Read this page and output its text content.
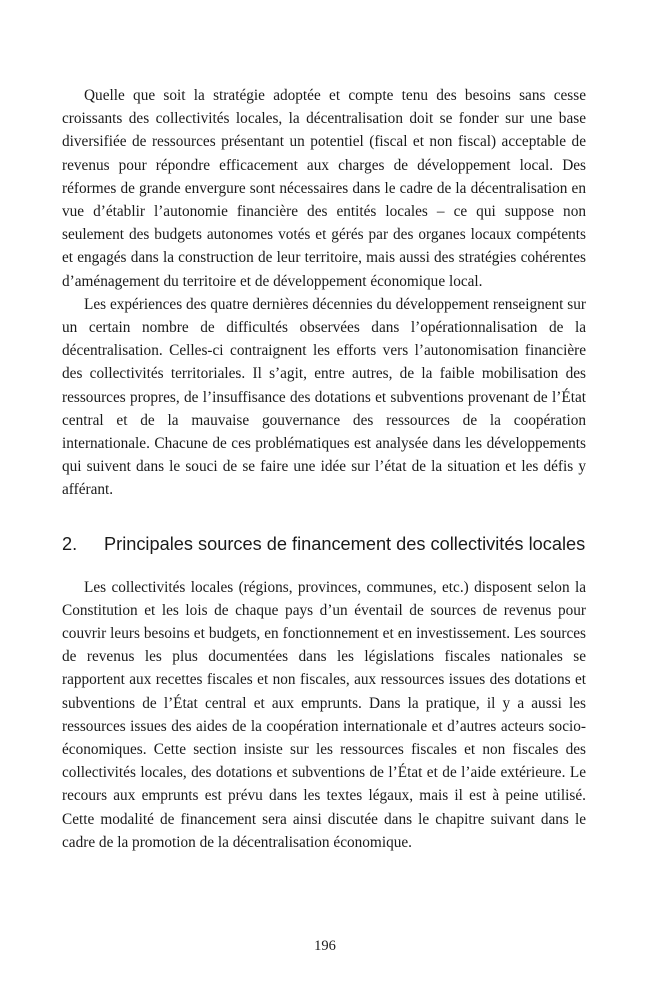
Quelle que soit la stratégie adoptée et compte tenu des besoins sans cesse croissants des collectivités locales, la décentralisation doit se fonder sur une base diversifiée de ressources présentant un potentiel (fiscal et non fiscal) acceptable de revenus pour répondre efficacement aux charges de développement local. Des réformes de grande envergure sont nécessaires dans le cadre de la décentralisation en vue d’établir l’autonomie financière des entités locales – ce qui suppose non seulement des budgets autonomes votés et gérés par des organes locaux compétents et engagés dans la construction de leur territoire, mais aussi des stratégies cohérentes d’aménagement du territoire et de développement économique local.

Les expériences des quatre dernières décennies du développement renseignent sur un certain nombre de difficultés observées dans l’opérationnalisation de la décentralisation. Celles-ci contraignent les efforts vers l’autonomisation financière des collectivités territoriales. Il s’agit, entre autres, de la faible mobilisation des ressources propres, de l’insuffisance des dotations et subventions provenant de l’État central et de la mauvaise gouvernance des ressources de la coopération internationale. Chacune de ces problématiques est analysée dans les développements qui suivent dans le souci de se faire une idée sur l’état de la situation et les défis y afférant.

2.	Principales sources de financement des collectivités locales

Les collectivités locales (régions, provinces, communes, etc.) disposent selon la Constitution et les lois de chaque pays d’un éventail de sources de revenus pour couvrir leurs besoins et budgets, en fonctionnement et en investissement. Les sources de revenus les plus documentées dans les législations fiscales nationales se rapportent aux recettes fiscales et non fiscales, aux ressources issues des dotations et subventions de l’État central et aux emprunts. Dans la pratique, il y a aussi les ressources issues des aides de la coopération internationale et d’autres acteurs socio-économiques. Cette section insiste sur les ressources fiscales et non fiscales des collectivités locales, des dotations et subventions de l’État et de l’aide extérieure. Le recours aux emprunts est prévu dans les textes légaux, mais il est à peine utilisé. Cette modalité de financement sera ainsi discutée dans le chapitre suivant dans le cadre de la promotion de la décentralisation économique.

196
